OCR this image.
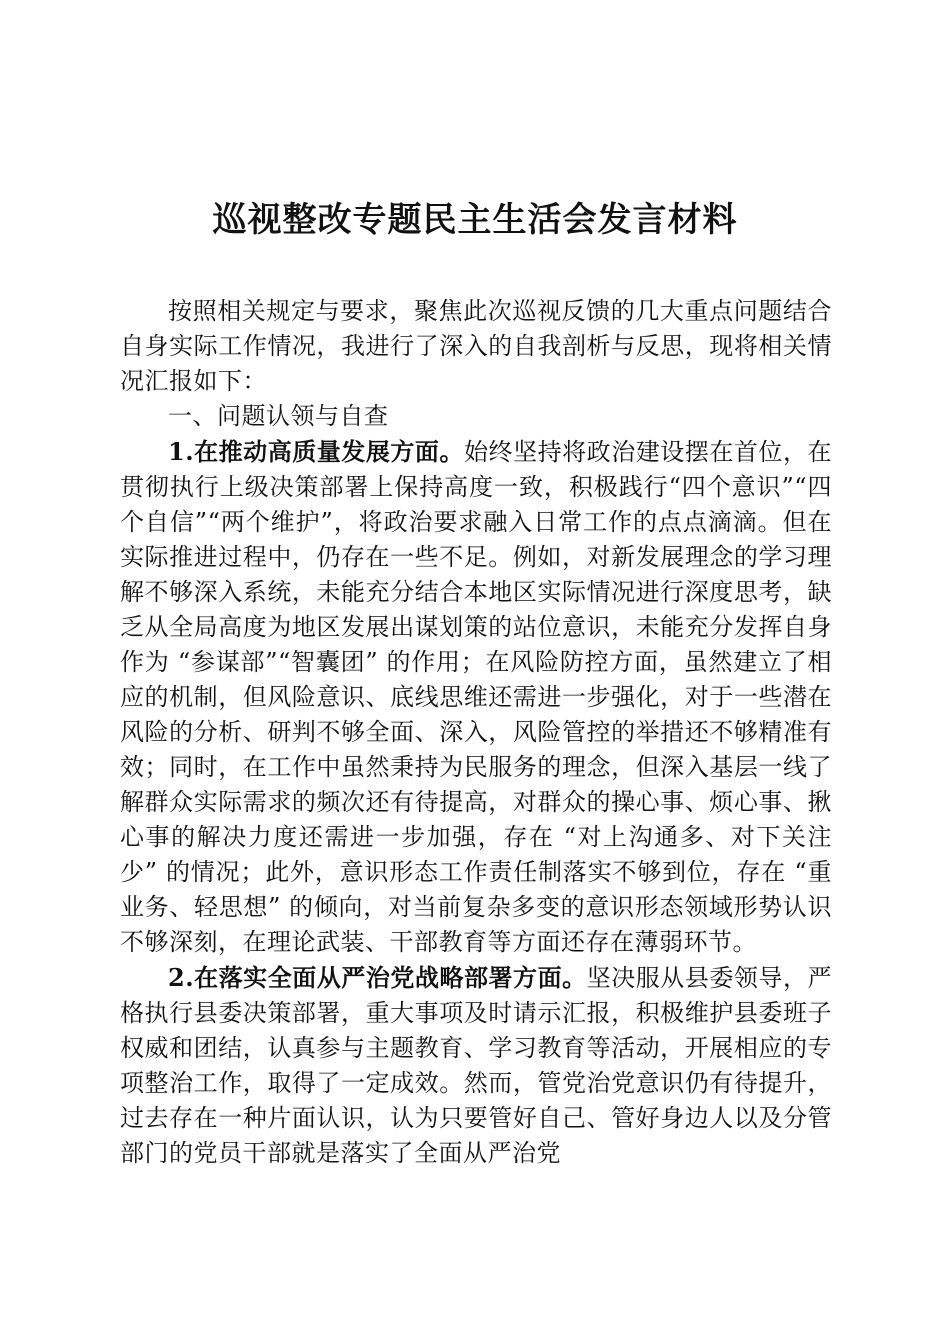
巡视整改专题民主生活会发言材料

按照相关规定与要求，聚焦此次巡视反馈的几大重点问题结合自身实际工作情况，我进行了深入的自我剖析与反思，现将相关情况汇报如下：

一、问题认领与自查

1.在推动高质量发展方面。始终坚持将政治建设摆在首位，在贯彻执行上级决策部署上保持高度一致，积极践行“四个意识”“四个自信”“两个维护”，将政治要求融入日常工作的点点滴滴。但在实际推进过程中，仍存在一些不足。例如，对新发展理念的学习理解不够深入系统，未能充分结合本地区实际情况进行深度思考，缺乏从全局高度为地区发展出谋划策的站位意识，未能充分发挥自身作为 “参谋部”“智囊团” 的作用；在风险防控方面，虽然建立了相应的机制，但风险意识、底线思维还需进一步强化，对于一些潜在风险的分析、研判不够全面、深入，风险管控的举措还不够精准有效；同时，在工作中虽然秉持为民服务的理念，但深入基层一线了解群众实际需求的频次还有待提高，对群众的操心事、烦心事、揪心事的解决力度还需进一步加强，存在 “对上沟通多、对下关注少” 的情况；此外，意识形态工作责任制落实不够到位，存在 “重业务、轻思想” 的倾向，对当前复杂多变的意识形态领域形势认识不够深刻，在理论武装、干部教育等方面还存在薄弱环节。

2.在落实全面从严治党战略部署方面。坚决服从县委领导，严格执行县委决策部署，重大事项及时请示汇报，积极维护县委班子权威和团结，认真参与主题教育、学习教育等活动，开展相应的专项整治工作，取得了一定成效。然而，管党治党意识仍有待提升，过去存在一种片面认识，认为只要管好自己、管好身边人以及分管部门的党员干部就是落实了全面从严治党
